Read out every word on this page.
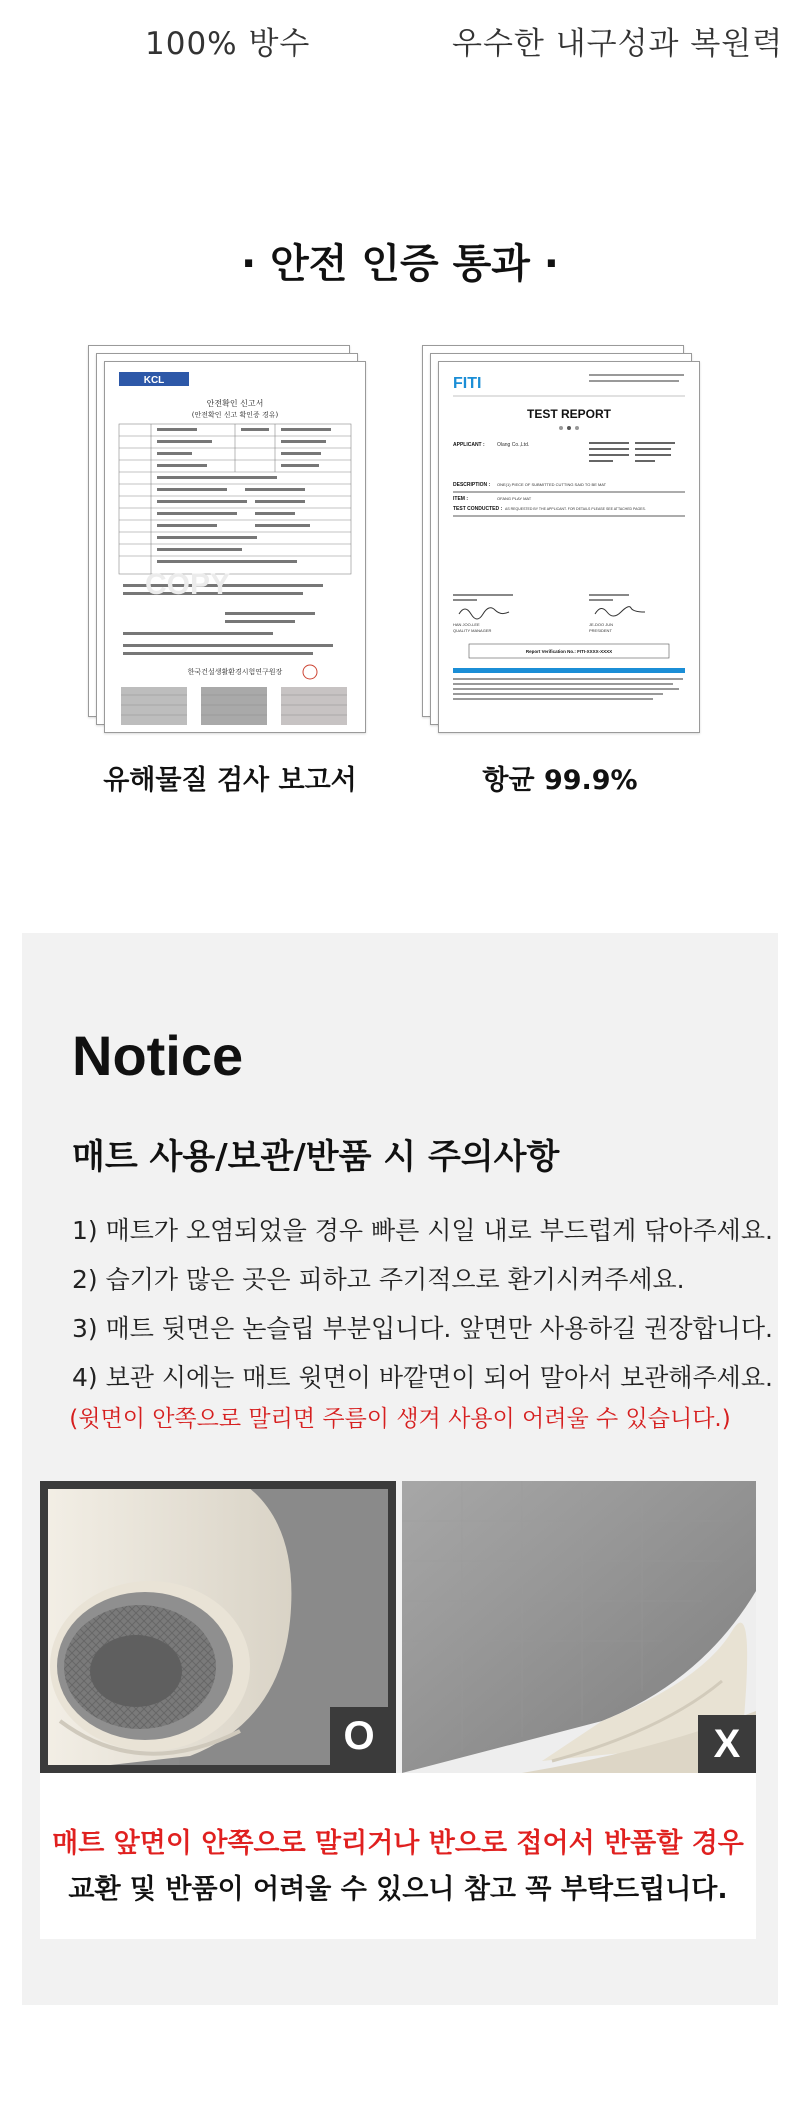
100% 방수	우수한 내구성과 복원력
· 안전 인증 통과 ·
KCL
안전확인 신고서
(안전확인 신고 확인증 경유)
COPY
한국건설생활환경시험연구원장
FITI
TEST REPORT
APPLICANT : Olang Co.,Ltd.
DESCRIPTION : ONE(1) PIECE OF SUBMITTED CUTTING SAID TO BE MAT
ITEM :	OFANG PLAY MAT
TEST CONDUCTED : AS REQUESTED BY THE APPLICANT. FOR DETAILS PLEASE SEE ATTACHED PAGES.
HAN JOO-LEE
QUALITY MANAGER
JE-DOO JUN
PRESIDENT
Report Verification No.: FITI-XXXX-XXXX
유해물질 검사 보고서	항균 99.9%
Notice
매트 사용/보관/반품 시 주의사항
1) 매트가 오염되었을 경우 빠른 시일 내로 부드럽게 닦아주세요.
2) 습기가 많은 곳은 피하고 주기적으로 환기시켜주세요.
3) 매트 뒷면은 논슬립 부분입니다. 앞면만 사용하길 권장합니다.
4) 보관 시에는 매트 윗면이 바깥면이 되어 말아서 보관해주세요.
(윗면이 안쪽으로 말리면 주름이 생겨 사용이 어려울 수 있습니다.)
O	X
매트 앞면이 안쪽으로 말리거나 반으로 접어서 반품할 경우
교환 및 반품이 어려울 수 있으니 참고 꼭 부탁드립니다.
